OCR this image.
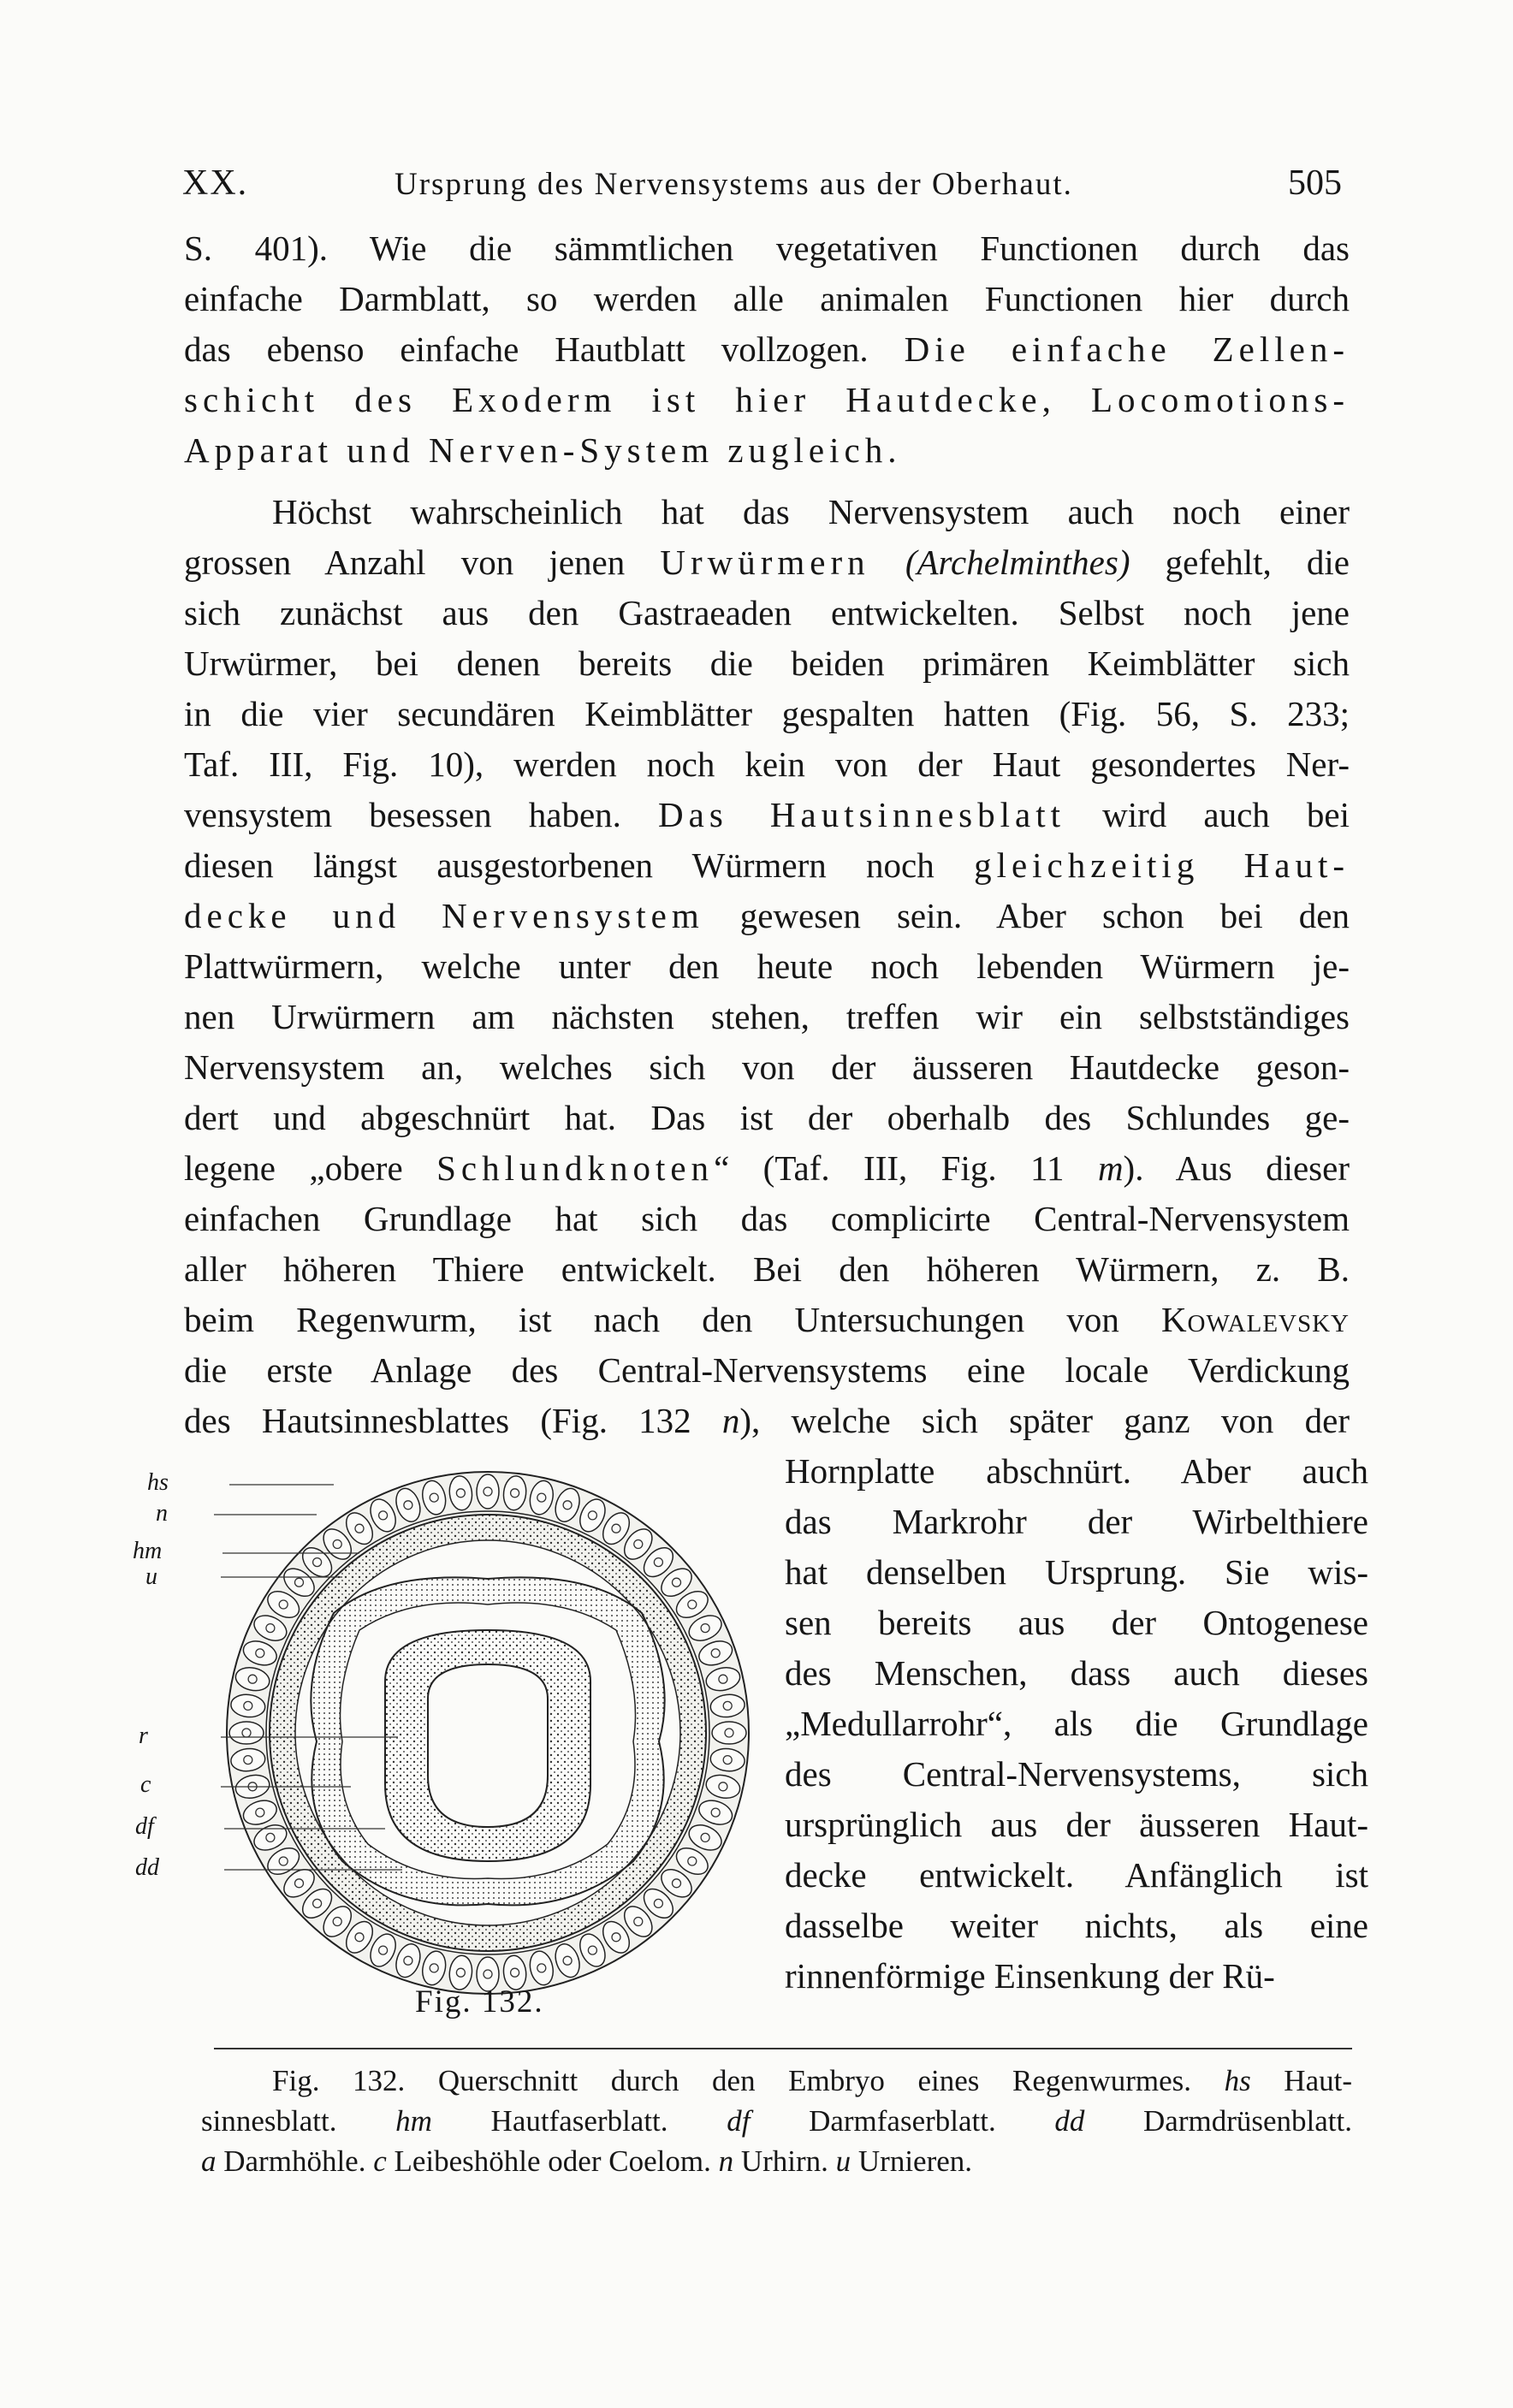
XX.	Ursprung des Nervensystems aus der Oberhaut.	505
S. 401). Wie die sämmtlichen vegetativen Functionen durch das
einfache Darmblatt, so werden alle animalen Functionen hier durch
das ebenso einfache Hautblatt vollzogen. Die einfache Zellen-
schicht des Exoderm ist hier Hautdecke, Locomotions-
Apparat und Nerven-System zugleich.
Höchst wahrscheinlich hat das Nervensystem auch noch einer
grossen Anzahl von jenen Urwürmern (Archelminthes) gefehlt, die
sich zunächst aus den Gastraeaden entwickelten. Selbst noch jene
Urwürmer, bei denen bereits die beiden primären Keimblätter sich
in die vier secundären Keimblätter gespalten hatten (Fig. 56, S. 233;
Taf. III, Fig. 10), werden noch kein von der Haut gesondertes Ner-
vensystem besessen haben. Das Hautsinnesblatt wird auch bei
diesen längst ausgestorbenen Würmern noch gleichzeitig Haut-
decke und Nervensystem gewesen sein. Aber schon bei den
Plattwürmern, welche unter den heute noch lebenden Würmern je-
nen Urwürmern am nächsten stehen, treffen wir ein selbstständiges
Nervensystem an, welches sich von der äusseren Hautdecke geson-
dert und abgeschnürt hat. Das ist der oberhalb des Schlundes ge-
legene „obere Schlundknoten“ (Taf. III, Fig. 11 m). Aus dieser
einfachen Grundlage hat sich das complicirte Central-Nervensystem
aller höheren Thiere entwickelt. Bei den höheren Würmern, z. B.
beim Regenwurm, ist nach den Untersuchungen von Kowalevsky
die erste Anlage des Central-Nervensystems eine locale Verdickung
des Hautsinnesblattes (Fig. 132 n), welche sich später ganz von der
Hornplatte abschnürt. Aber auch
das Markrohr der Wirbelthiere
hat denselben Ursprung. Sie wis-
sen bereits aus der Ontogenese
des Menschen, dass auch dieses
„Medullarrohr“, als die Grundlage
des Central-Nervensystems, sich
ursprünglich aus der äusseren Haut-
decke entwickelt. Anfänglich ist
dasselbe weiter nichts, als eine
rinnenförmige Einsenkung der Rü-
hs
n
hm
u
r
c
df
dd
Fig. 132.
Fig. 132. Querschnitt durch den Embryo eines Regenwurmes. hs Haut-
sinnesblatt. hm Hautfaserblatt. df Darmfaserblatt. dd Darmdrüsenblatt.
a Darmhöhle. c Leibeshöhle oder Coelom. n Urhirn. u Urnieren.
